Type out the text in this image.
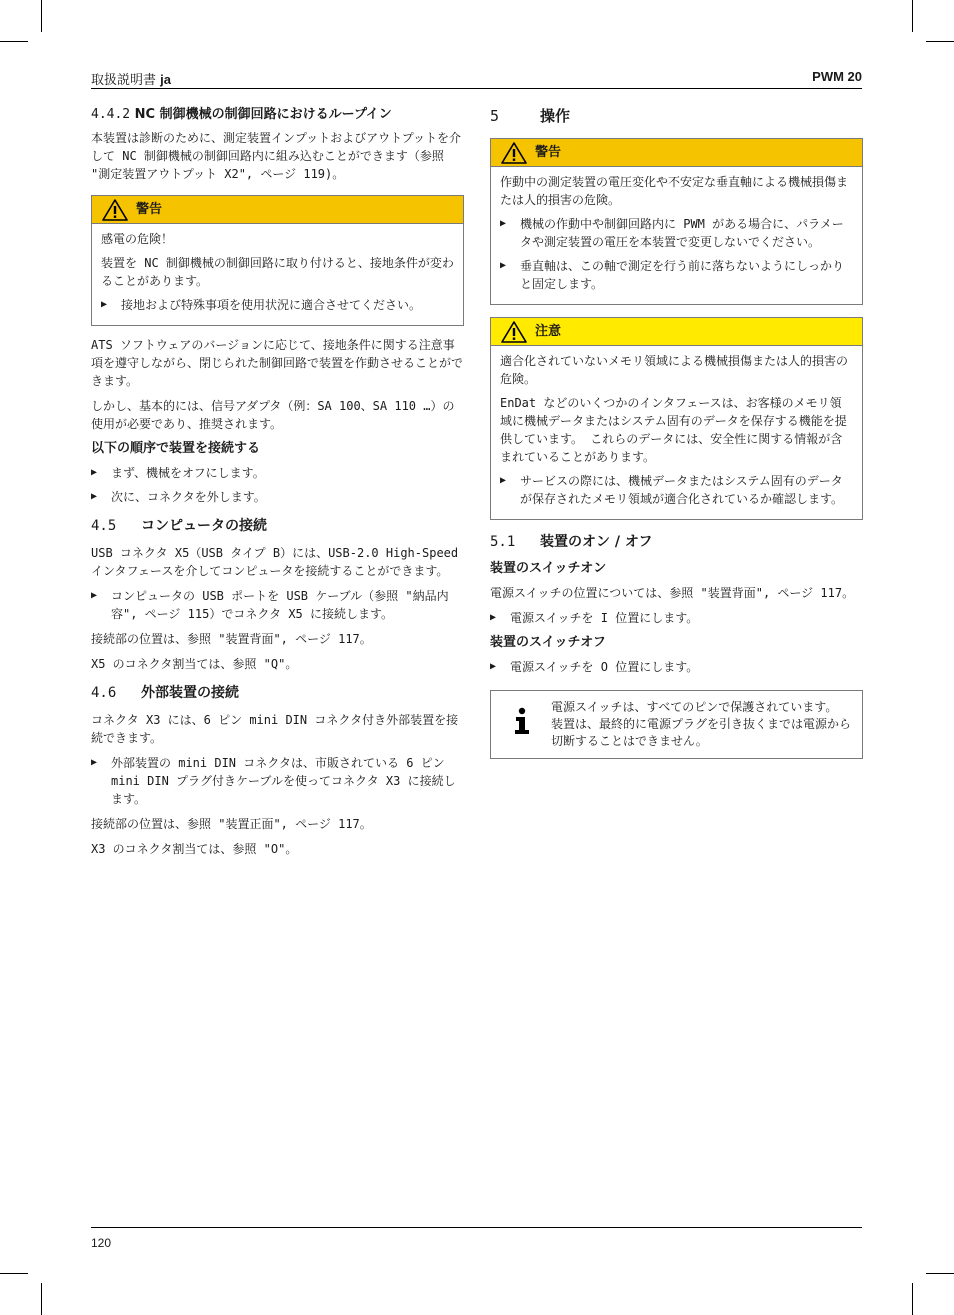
取扱説明書 ja	PWM 20
4.4.2 NC 制御機械の制御回路におけるループイン

本装置は診断のために、測定装置インプットおよびアウトプットを介して NC 制御機械の制御回路内に組み込むことができます（参照 "測定装置アウトプット X2", ページ 119)。

警告

感電の危険！

装置を NC 制御機械の制御回路に取り付けると、接地条件が変わることがあります。

▶ 接地および特殊事項を使用状況に適合させてください。

ATS ソフトウェアのバージョンに応じて、接地条件に関する注意事項を遵守しながら、閉じられた制御回路で装置を作動させることができます。

しかし、基本的には、信号アダプタ（例：SA 100、SA 110 …）の使用が必要であり、推奨されます。

以下の順序で装置を接続する
▶ まず、機械をオフにします。
▶ 次に、コネクタを外します。
4.5	コンピュータの接続

USB コネクタ X5（USB タイプ B）には、USB-2.0 High-Speed インタフェースを介してコンピュータを接続することができます。

▶ コンピュータの USB ポートを USB ケーブル（参照 "納品内容", ページ 115）でコネクタ X5 に接続します。

接続部の位置は、参照 "装置背面", ページ 117。

X5 のコネクタ割当ては、参照 "Q"。

4.6	外部装置の接続

コネクタ X3 には、6 ピン mini DIN コネクタ付き外部装置を接続できます。

▶ 外部装置の mini DIN コネクタは、市販されている 6 ピン mini DIN プラグ付きケーブルを使ってコネクタ X3 に接続します。

接続部の位置は、参照 "装置正面", ページ 117。

X3 のコネクタ割当ては、参照 "O"。

5	操作
警告

作動中の測定装置の電圧変化や不安定な垂直軸による機械損傷または人的損害の危険。

▶ 機械の作動中や制御回路内に PWM がある場合に、パラメータや測定装置の電圧を本装置で変更しないでください。
▶ 垂直軸は、この軸で測定を行う前に落ちないようにしっかりと固定します。
注意

適合化されていないメモリ領域による機械損傷または人的損害の危険。

EnDat などのいくつかのインタフェースは、お客様のメモリ領域に機械データまたはシステム固有のデータを保存する機能を提供しています。 これらのデータには、安全性に関する情報が含まれていることがあります。

▶ サービスの際には、機械データまたはシステム固有のデータが保存されたメモリ領域が適合化されているか確認します。
5.1	装置のオン / オフ
装置のスイッチオン

電源スイッチの位置については、参照 "装置背面", ページ 117。

▶ 電源スイッチを I 位置にします。
装置のスイッチオフ
▶ 電源スイッチを O 位置にします。
電源スイッチは、すべてのピンで保護されています。
装置は、最終的に電源プラグを引き抜くまでは電源から切断することはできません。
120
